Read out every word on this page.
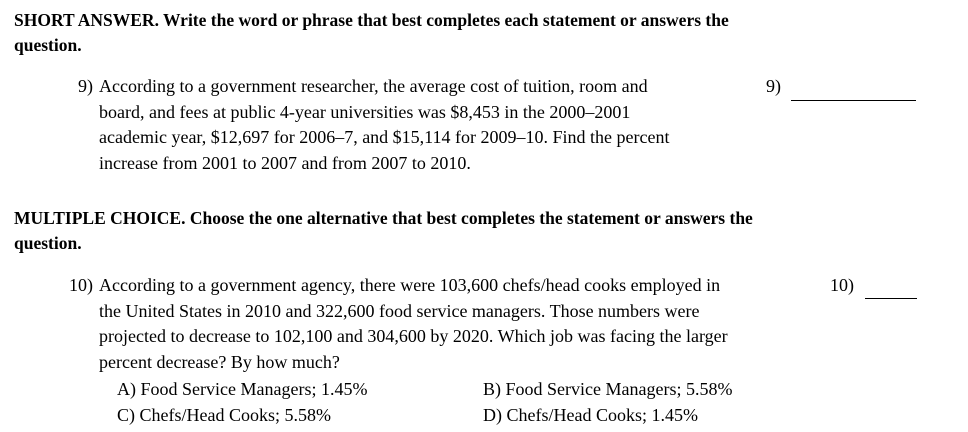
SHORT ANSWER. Write the word or phrase that best completes each statement or answers the
question.
9) According to a government researcher, the average cost of tuition, room and
board, and fees at public 4-year universities was $8,453 in the 2000–2001
academic year, $12,697 for 2006–7, and $15,114 for 2009–10. Find the percent
increase from 2001 to 2007 and from 2007 to 2010.
9)
MULTIPLE CHOICE. Choose the one alternative that best completes the statement or answers the
question.
10) According to a government agency, there were 103,600 chefs/head cooks employed in
the United States in 2010 and 322,600 food service managers. Those numbers were
projected to decrease to 102,100 and 304,600 by 2020. Which job was facing the larger
percent decrease? By how much?
10)
A) Food Service Managers; 1.45%	B) Food Service Managers; 5.58%
C) Chefs/Head Cooks; 5.58%	D) Chefs/Head Cooks; 1.45%
